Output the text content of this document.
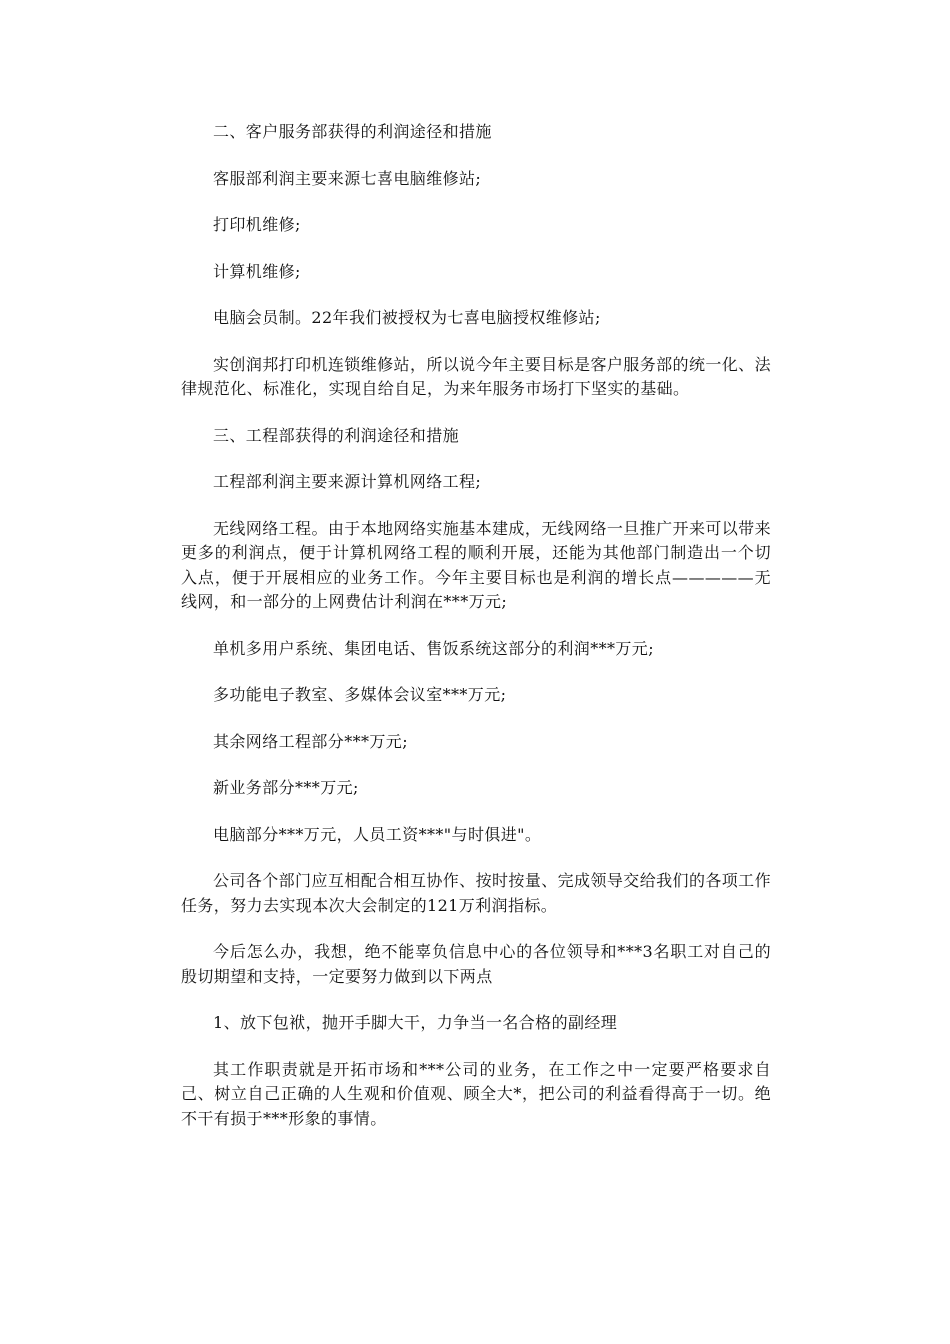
二、客户服务部获得的利润途径和措施

客服部利润主要来源七喜电脑维修站;

打印机维修;

计算机维修;

电脑会员制。22年我们被授权为七喜电脑授权维修站;

实创润邦打印机连锁维修站，所以说今年主要目标是客户服务部的统一化、法律规范化、标准化，实现自给自足，为来年服务市场打下坚实的基础。

三、工程部获得的利润途径和措施

工程部利润主要来源计算机网络工程;

无线网络工程。由于本地网络实施基本建成，无线网络一旦推广开来可以带来更多的利润点，便于计算机网络工程的顺利开展，还能为其他部门制造出一个切入点，便于开展相应的业务工作。今年主要目标也是利润的增长点—————无线网，和一部分的上网费估计利润在***万元;

单机多用户系统、集团电话、售饭系统这部分的利润***万元;

多功能电子教室、多媒体会议室***万元;

其余网络工程部分***万元;

新业务部分***万元;

电脑部分***万元，人员工资***"与时俱进"。

公司各个部门应互相配合相互协作、按时按量、完成领导交给我们的各项工作任务，努力去实现本次大会制定的121万利润指标。

今后怎么办，我想，绝不能辜负信息中心的各位领导和***3名职工对自己的殷切期望和支持，一定要努力做到以下两点

1、放下包袱，抛开手脚大干，力争当一名合格的副经理

其工作职责就是开拓市场和***公司的业务，在工作之中一定要严格要求自己、树立自己正确的人生观和价值观、顾全大*，把公司的利益看得高于一切。绝不干有损于***形象的事情。
